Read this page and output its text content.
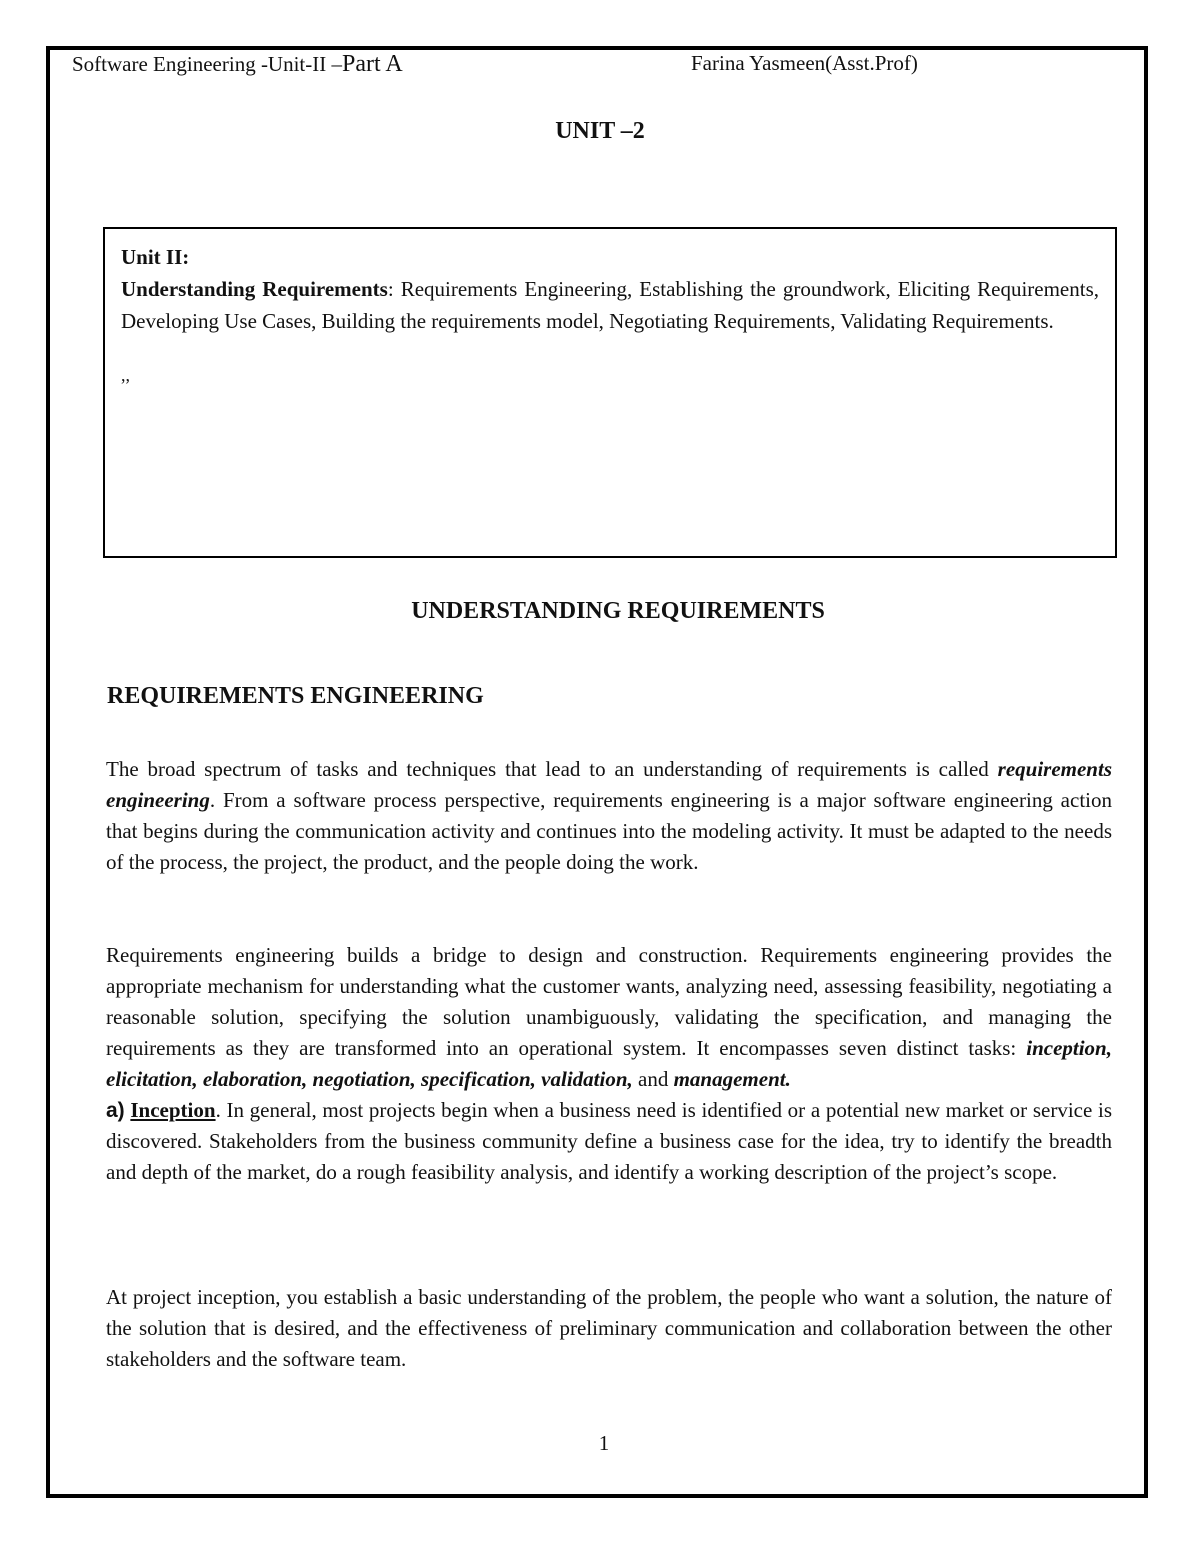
Software Engineering -Unit-II –Part A	Farina Yasmeen(Asst.Prof)
UNIT –2
Unit II:
Understanding Requirements: Requirements Engineering, Establishing the groundwork, Eliciting Requirements, Developing Use Cases, Building the requirements model, Negotiating Requirements, Validating Requirements.
,,
UNDERSTANDING REQUIREMENTS
REQUIREMENTS ENGINEERING
The broad spectrum of tasks and techniques that lead to an understanding of requirements is called requirements engineering. From a software process perspective, requirements engineering is a major software engineering action that begins during the communication activity and continues into the modeling activity. It must be adapted to the needs of the process, the project, the product, and the people doing the work.
Requirements engineering builds a bridge to design and construction. Requirements engineering provides the appropriate mechanism for understanding what the customer wants, analyzing need, assessing feasibility, negotiating a reasonable solution, specifying the solution unambiguously, validating the specification, and managing the requirements as they are transformed into an operational system. It encompasses seven distinct tasks: inception, elicitation, elaboration, negotiation, specification, validation, and management.
a) Inception. In general, most projects begin when a business need is identified or a potential new market or service is discovered. Stakeholders from the business community define a business case for the idea, try to identify the breadth and depth of the market, do a rough feasibility analysis, and identify a working description of the project’s scope.
At project inception, you establish a basic understanding of the problem, the people who want a solution, the nature of the solution that is desired, and the effectiveness of preliminary communication and collaboration between the other stakeholders and the software team.
1
